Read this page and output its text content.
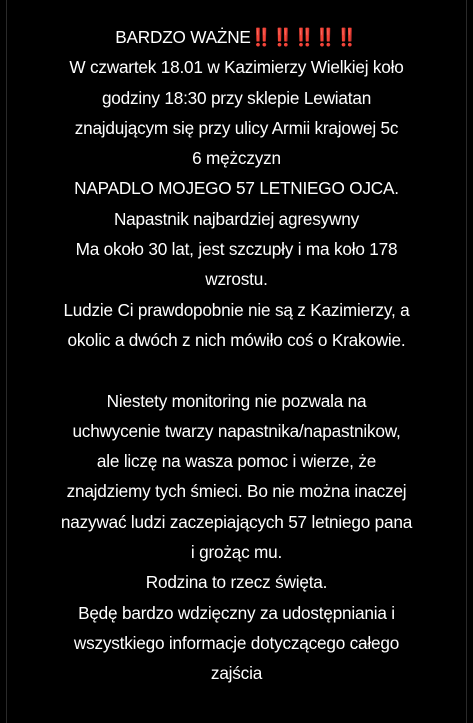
BARDZO WAŻNE‼️‼️‼️‼️‼️
W czwartek 18.01 w Kazimierzy Wielkiej koło
godziny 18:30 przy sklepie Lewiatan
znajdującym się przy ulicy Armii krajowej 5c
6 mężczyzn
NAPADLO MOJEGO 57 LETNIEGO OJCA.
Napastnik najbardziej agresywny
Ma około 30 lat, jest szczupły i ma koło 178
wzrostu.
Ludzie Ci prawdopobnie nie są z Kazimierzy, a
okolic a dwóch z nich mówiło coś o Krakowie.
Niestety monitoring nie pozwala na
uchwycenie twarzy napastnika/napastnikow,
ale liczę na wasza pomoc i wierze, że
znajdziemy tych śmieci. Bo nie można inaczej
nazywać ludzi zaczepiających 57 letniego pana
i grożąc mu.
Rodzina to rzecz święta.
Będę bardzo wdzięczny za udostępniania i
wszystkiego informacje dotyczącego całego
zajścia
